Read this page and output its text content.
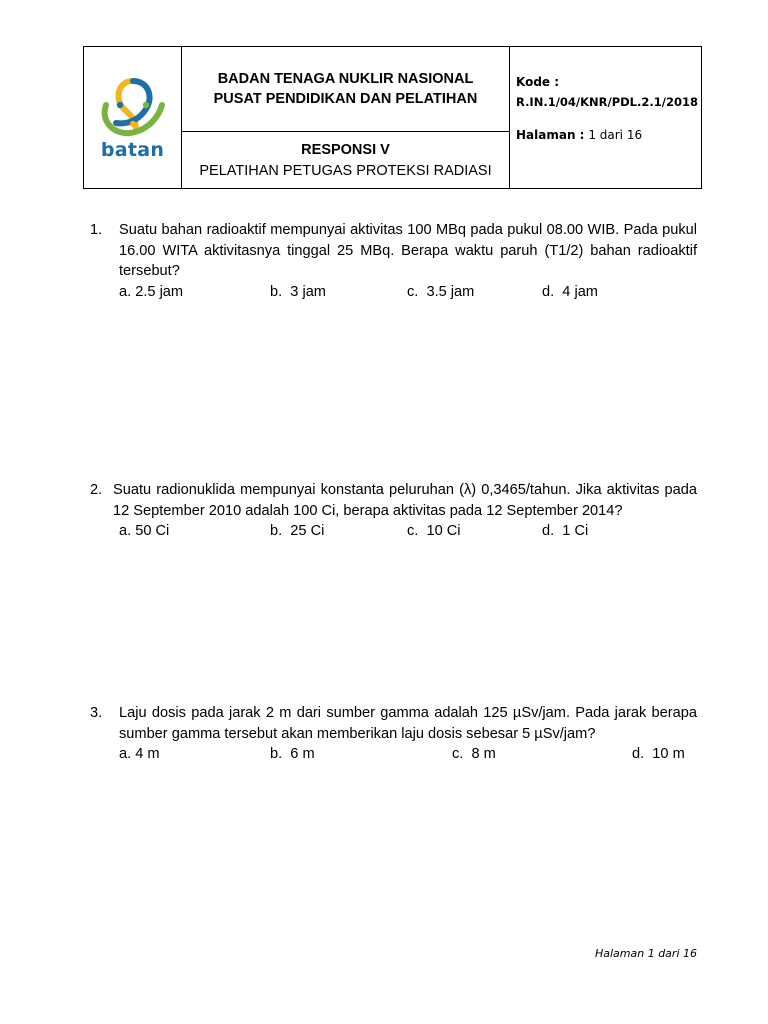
batan

BADAN TENAGA NUKLIR NASIONAL
PUSAT PENDIDIKAN DAN PELATIHAN

Kode :
R.IN.1/04/KNR/PDL.2.1/2018
Halaman : 1 dari 16

RESPONSI V
PELATIHAN PETUGAS PROTEKSI RADIASI
1. Suatu bahan radioaktif mempunyai aktivitas 100 MBq pada pukul 08.00 WIB. Pada pukul 16.00 WITA aktivitasnya tinggal 25 MBq. Berapa waktu paruh (T1/2) bahan radioaktif tersebut?
a. 2.5 jam	b.  3 jam	c.  3.5 jam	d.  4 jam
2. Suatu radionuklida mempunyai konstanta peluruhan (λ) 0,3465/tahun. Jika aktivitas pada 12 September 2010 adalah 100 Ci, berapa aktivitas pada 12 September 2014?
a. 50 Ci	b.  25 Ci	c.  10 Ci	d.  1 Ci
3. Laju dosis pada jarak 2 m dari sumber gamma adalah 125 µSv/jam. Pada jarak berapa sumber gamma tersebut akan memberikan laju dosis sebesar 5 µSv/jam?
a. 4 m	b.  6 m	c.  8 m	d.  10 m
Halaman 1 dari 16
